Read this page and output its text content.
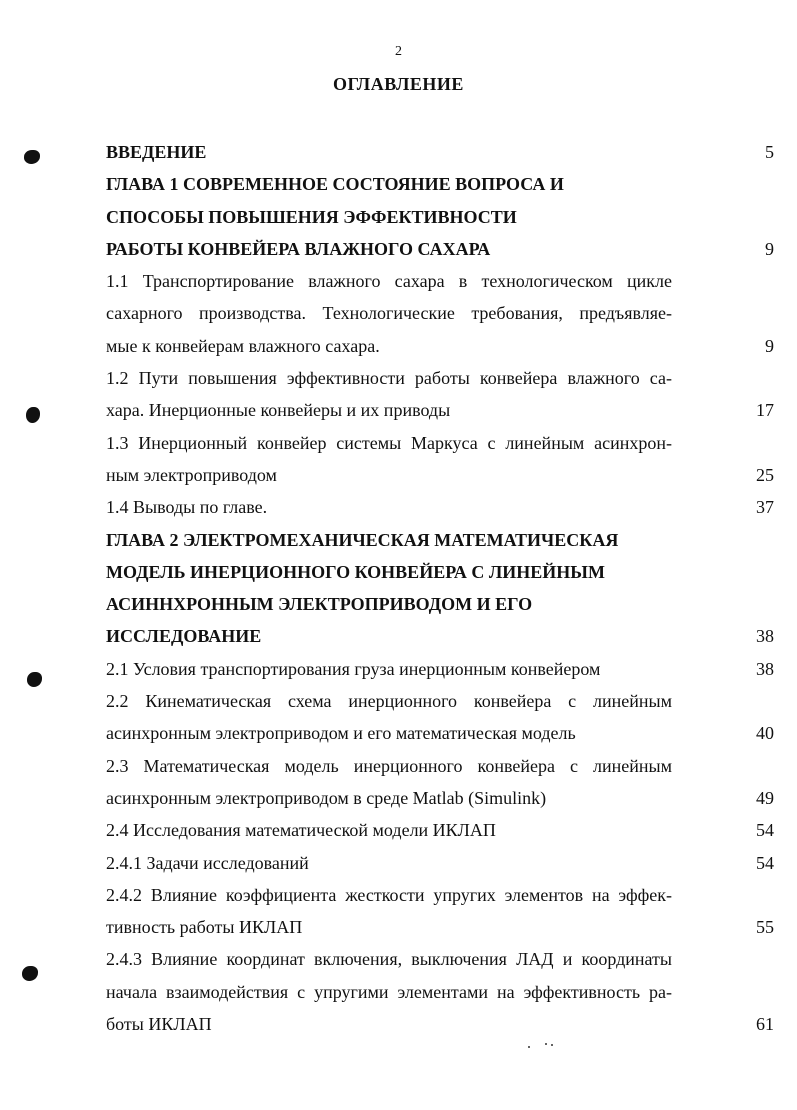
2
ОГЛАВЛЕНИЕ
ВВЕДЕНИЕ	5
ГЛАВА 1 СОВРЕМЕННОЕ СОСТОЯНИЕ ВОПРОСА И
СПОСОБЫ ПОВЫШЕНИЯ ЭФФЕКТИВНОСТИ
РАБОТЫ КОНВЕЙЕРА ВЛАЖНОГО САХАРА	9
1.1 Транспортирование влажного сахара в технологическом цикле
сахарного производства. Технологические требования, предъявляе-
мые к конвейерам влажного сахара.	9
1.2 Пути повышения эффективности работы конвейера влажного са-
хара. Инерционные конвейеры и их приводы	17
1.3 Инерционный конвейер системы Маркуса с линейным асинхрон-
ным электроприводом	25
1.4 Выводы по главе.	37
ГЛАВА 2 ЭЛЕКТРОМЕХАНИЧЕСКАЯ МАТЕМАТИЧЕСКАЯ
МОДЕЛЬ ИНЕРЦИОННОГО КОНВЕЙЕРА С ЛИНЕЙНЫМ
АСИННХРОННЫМ ЭЛЕКТРОПРИВОДОМ И ЕГО
ИССЛЕДОВАНИЕ	38
2.1 Условия транспортирования груза инерционным конвейером	38
2.2 Кинематическая схема инерционного конвейера с линейным
асинхронным электроприводом и его математическая модель	40
2.3 Математическая модель инерционного конвейера с линейным
асинхронным электроприводом в среде Matlab (Simulink)	49
2.4 Исследования математической модели ИКЛАП	54
2.4.1 Задачи исследований	54
2.4.2 Влияние коэффициента жесткости упругих элементов на эффек-
тивность работы ИКЛАП	55
2.4.3 Влияние координат включения, выключения ЛАД и координаты
начала взаимодействия с упругими элементами на эффективность ра-
боты ИКЛАП	61
